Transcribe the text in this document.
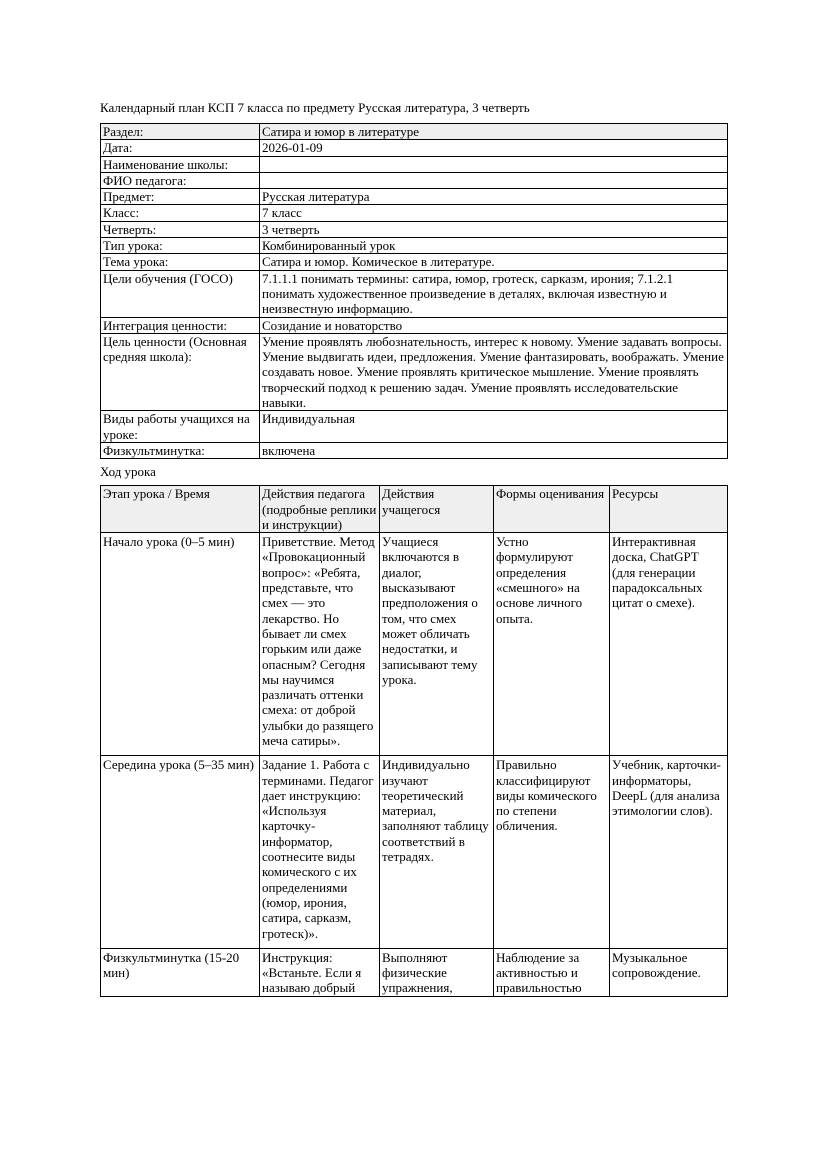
Календарный план КСП 7 класса по предмету Русская литература, 3 четверть

Раздел:	Сатира и юмор в литературе
Дата:	2026-01-09
Наименование школы:	
ФИО педагога:	
Предмет:	Русская литература
Класс:	7 класс
Четверть:	3 четверть
Тип урока:	Комбинированный урок
Тема урока:	Сатира и юмор. Комическое в литературе.
Цели обучения (ГОСО)	7.1.1.1 понимать термины: сатира, юмор, гротеск, сарказм, ирония; 7.1.2.1 понимать художественное произведение в деталях, включая известную и неизвестную информацию.
Интеграция ценности:	Созидание и новаторство
Цель ценности (Основная средняя школа):	Умение проявлять любознательность, интерес к новому. Умение задавать вопросы. Умение выдвигать идеи, предложения. Умение фантазировать, воображать. Умение создавать новое. Умение проявлять критическое мышление. Умение проявлять творческий подход к решению задач. Умение проявлять исследовательские навыки.
Виды работы учащихся на уроке:	Индивидуальная
Физкультминутка:	включена

Ход урока

Этап урока / Время	Действия педагога (подробные реплики и инструкции)	Действия учащегося	Формы оценивания	Ресурсы
Начало урока (0–5 мин)	Приветствие. Метод «Провокационный вопрос»: «Ребята, представьте, что смех — это лекарство. Но бывает ли смех горьким или даже опасным? Сегодня мы научимся различать оттенки смеха: от доброй улыбки до разящего меча сатиры».	Учащиеся включаются в диалог, высказывают предположения о том, что смех может обличать недостатки, и записывают тему урока.	Устно формулируют определения «смешного» на основе личного опыта.	Интерактивная доска, ChatGPT (для генерации парадоксальных цитат о смехе).
Середина урока (5–35 мин)	Задание 1. Работа с терминами. Педагог дает инструкцию: «Используя карточку-информатор, соотнесите виды комического с их определениями (юмор, ирония, сатира, сарказм, гротеск)».	Индивидуально изучают теоретический материал, заполняют таблицу соответствий в тетрадях.	Правильно классифицируют виды комического по степени обличения.	Учебник, карточки-информаторы, DeepL (для анализа этимологии слов).

Физкультминутка (15-20 мин)	Инструкция: «Встаньте. Если я называю добрый	Выполняют физические упражнения,	Наблюдение за активностью и правильностью	Музыкальное сопровождение.
